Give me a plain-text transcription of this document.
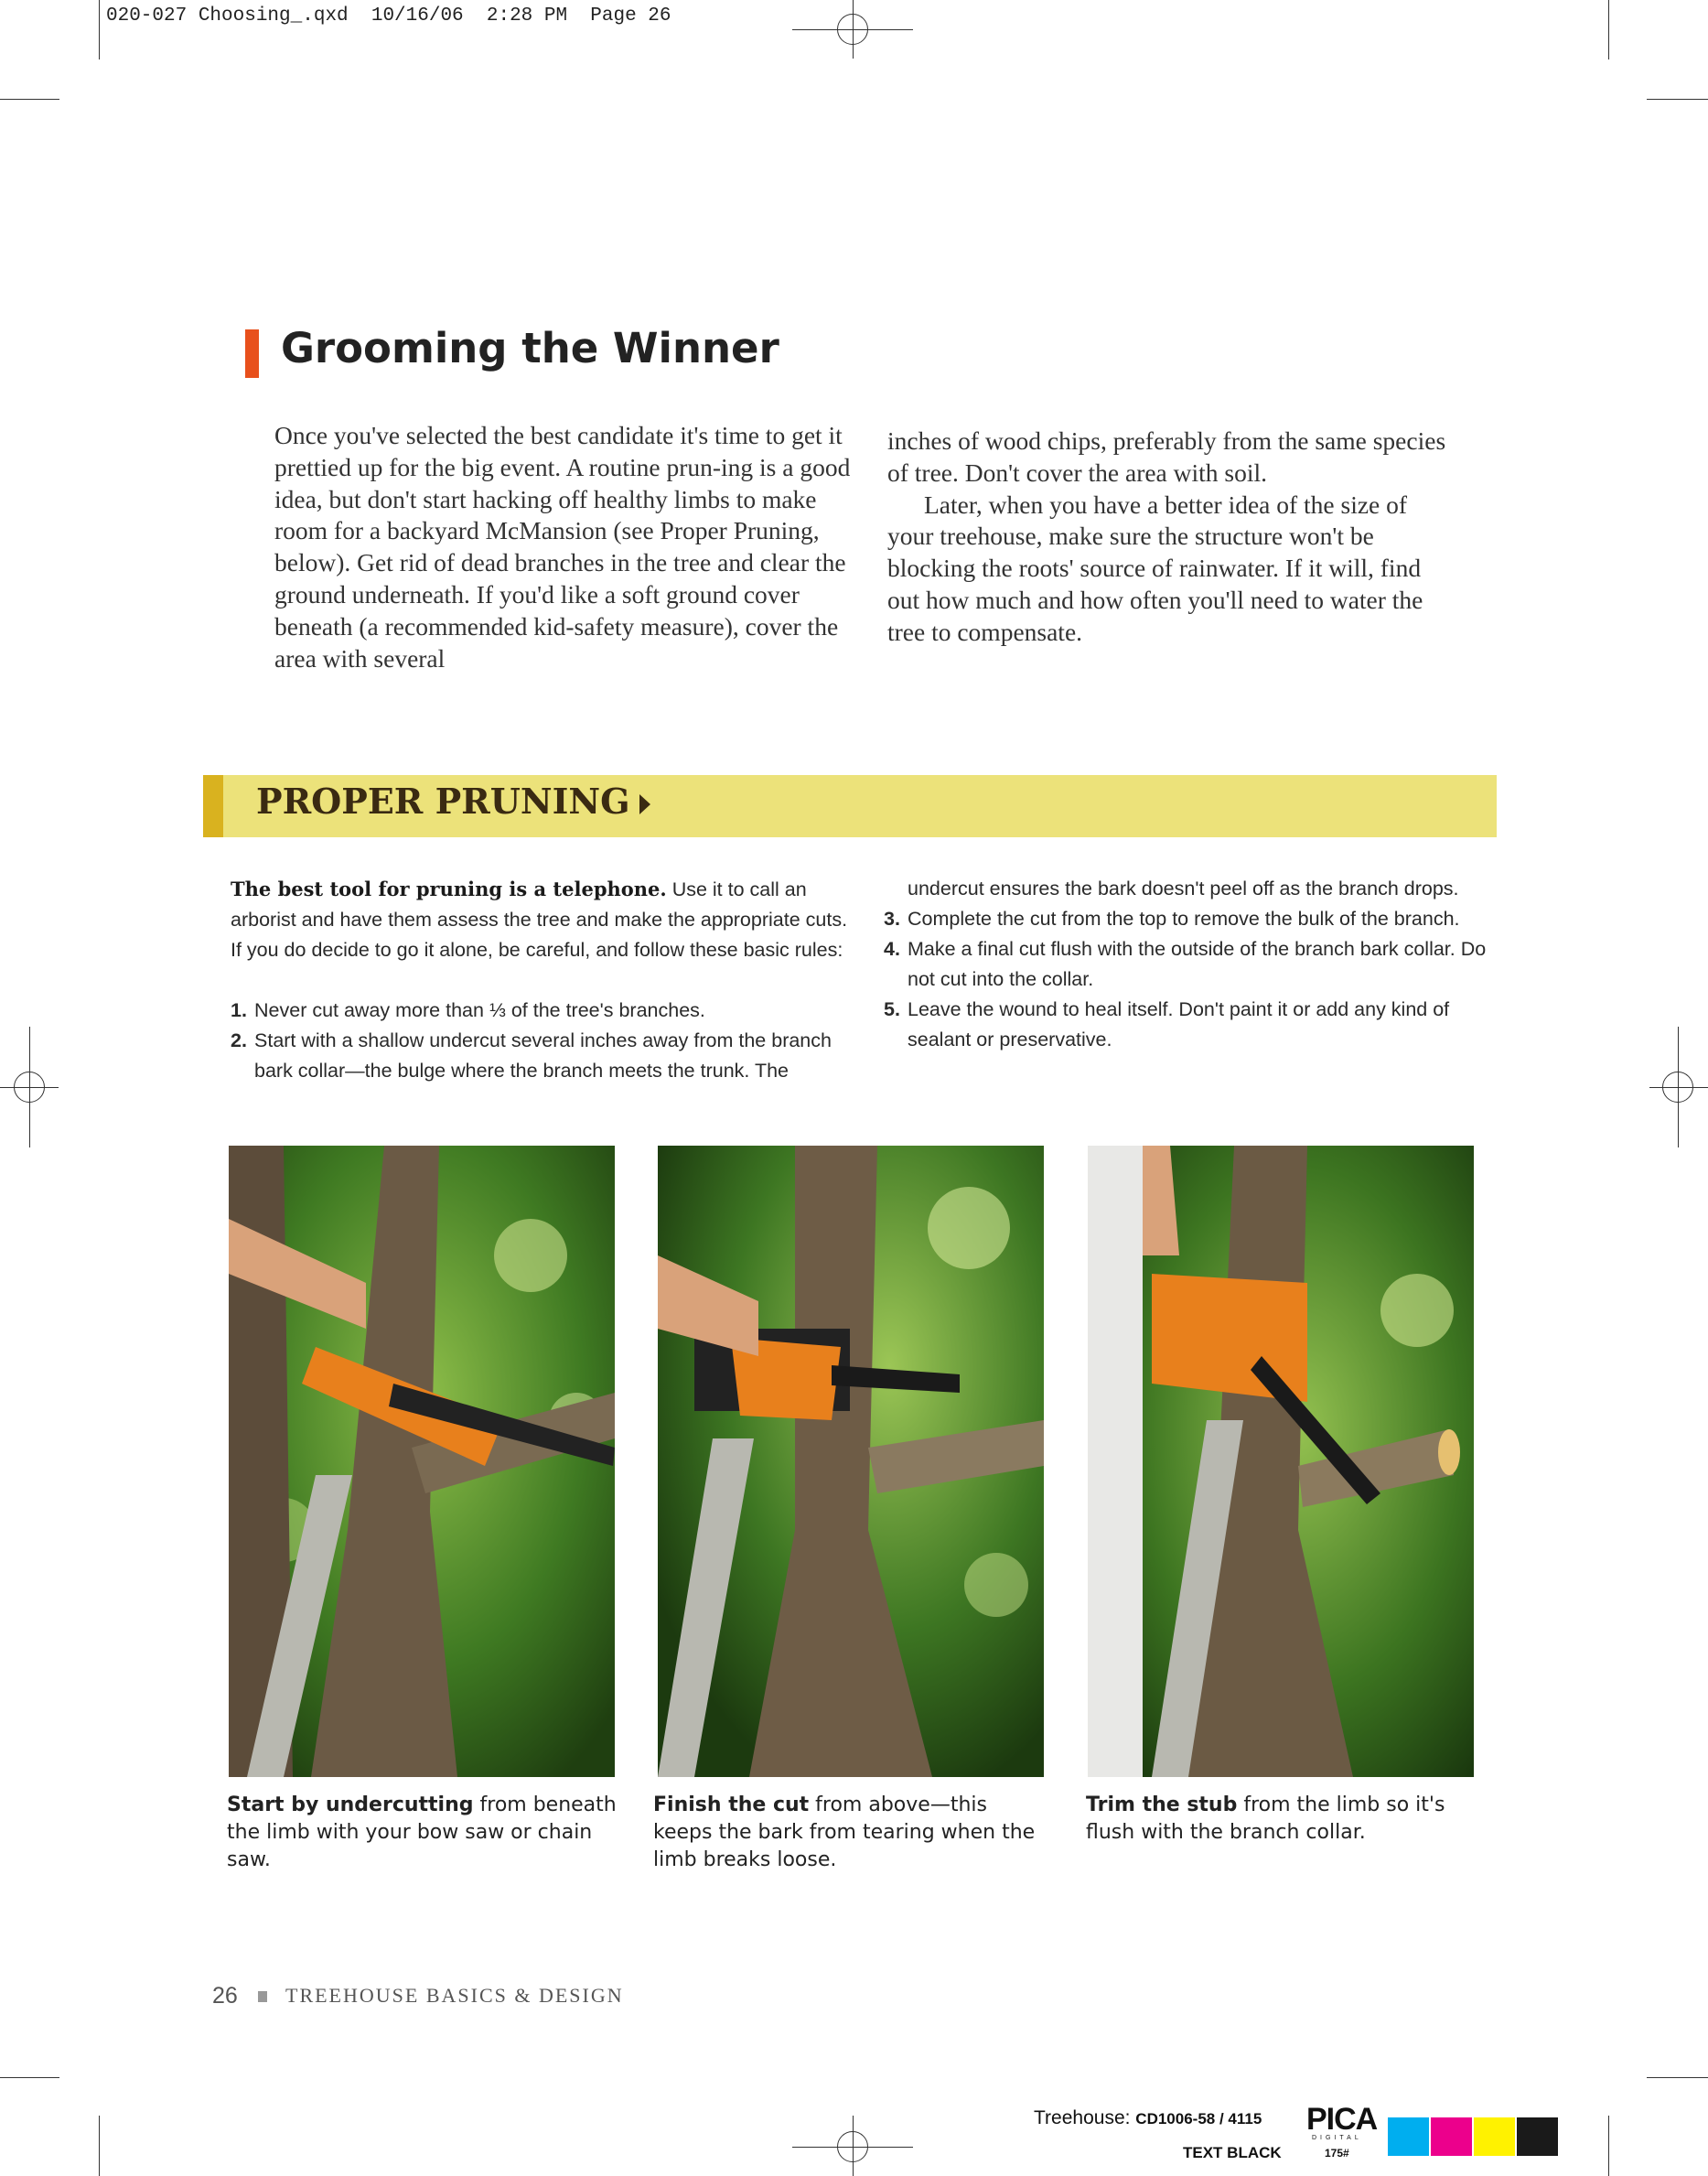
020-027 Choosing_.qxd  10/16/06  2:28 PM  Page 26
Grooming the Winner

Once you've selected the best candidate it's time to get it prettied up for the big event. A routine prun-ing is a good idea, but don't start hacking off healthy limbs to make room for a backyard McMansion (see Proper Pruning, below). Get rid of dead branches in the tree and clear the ground underneath. If you'd like a soft ground cover beneath (a recommended kid-safety measure), cover the area with several

inches of wood chips, preferably from the same species of tree. Don't cover the area with soil.

Later, when you have a better idea of the size of your treehouse, make sure the structure won't be blocking the roots' source of rainwater. If it will, find out how much and how often you'll need to water the tree to compensate.

PROPER PRUNING

The best tool for pruning is a telephone. Use it to call an arborist and have them assess the tree and make the appropriate cuts. If you do decide to go it alone, be careful, and follow these basic rules:

1. Never cut away more than ⅓ of the tree's branches.
2. Start with a shallow undercut several inches away from the branch bark collar—the bulge where the branch meets the trunk. The
undercut ensures the bark doesn't peel off as the branch drops.
3. Complete the cut from the top to remove the bulk of the branch.
4. Make a final cut flush with the outside of the branch bark collar. Do not cut into the collar.
5. Leave the wound to heal itself. Don't paint it or add any kind of sealant or preservative.
Start by undercutting from beneath the limb with your bow saw or chain saw.
Finish the cut from above—this keeps the bark from tearing when the limb breaks loose.
Trim the stub from the limb so it's flush with the branch collar.
26 TREEHOUSE BASICS & DESIGN
Treehouse: CD1006-58 / 4115
TEXT BLACK
PICA
DIGITAL
175#
